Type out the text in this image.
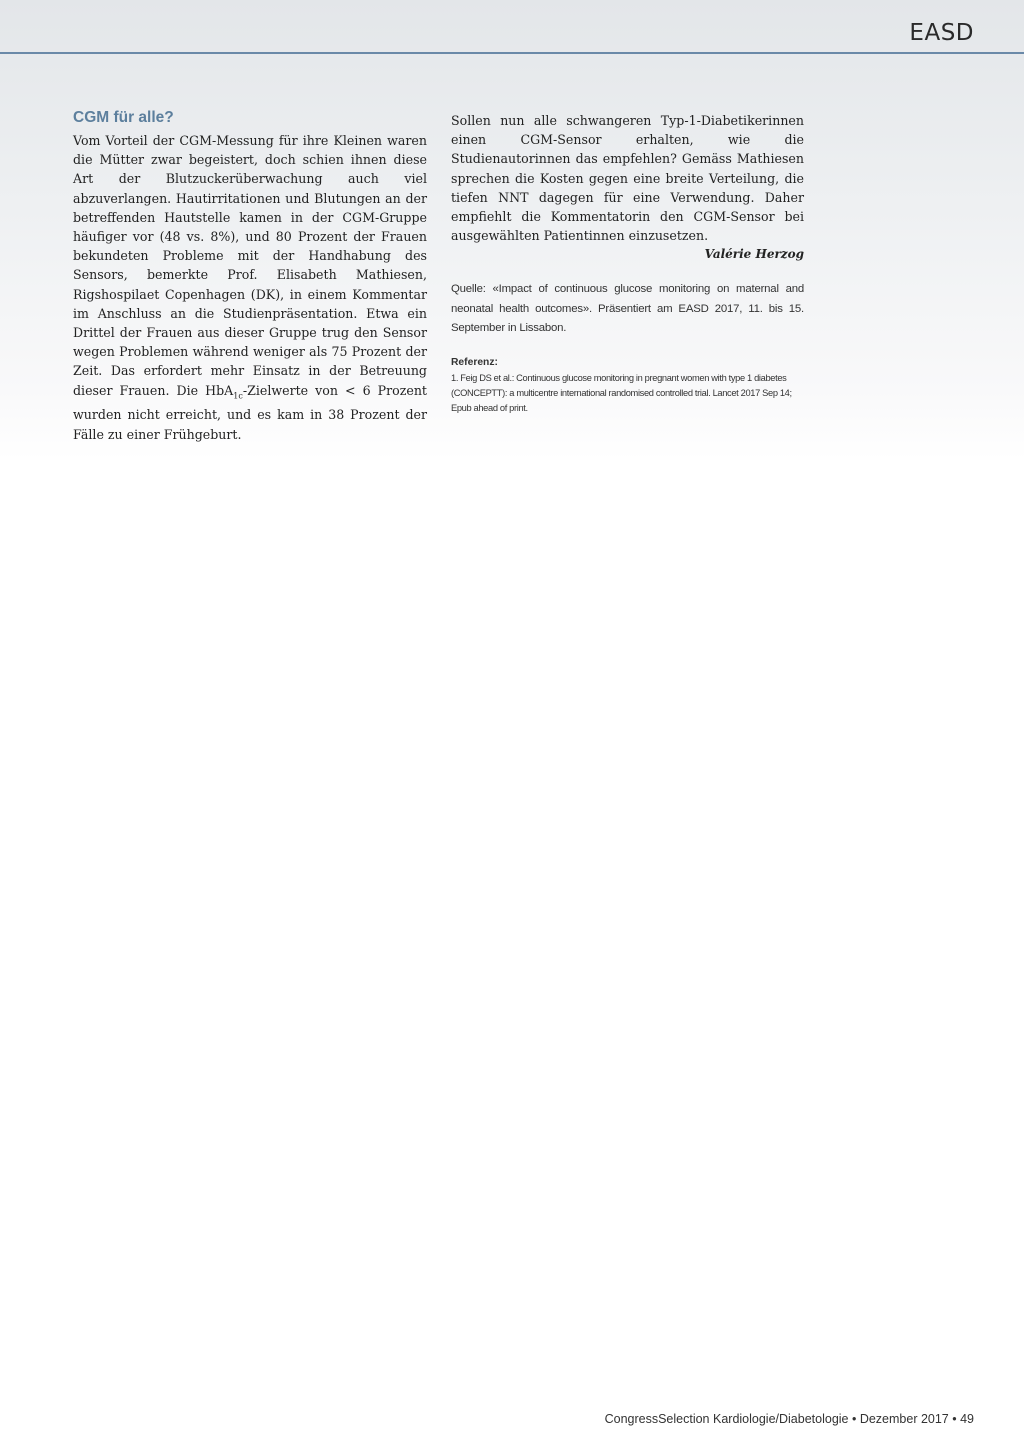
EASD
CGM für alle?

Vom Vorteil der CGM-Messung für ihre Kleinen waren die Mütter zwar begeistert, doch schien ihnen diese Art der Blutzuckerüberwachung auch viel abzuverlangen. Hautirritationen und Blutungen an der betreffenden Hautstelle kamen in der CGM-Gruppe häufiger vor (48 vs. 8%), und 80 Prozent der Frauen bekundeten Probleme mit der Handhabung des Sensors, bemerkte Prof. Elisabeth Mathiesen, Rigshospilaet Copenhagen (DK), in einem Kommentar im Anschluss an die Studienpräsentation. Etwa ein Drittel der Frauen aus dieser Gruppe trug den Sensor wegen Problemen während weniger als 75 Prozent der Zeit. Das erfordert mehr Einsatz in der Betreuung dieser Frauen. Die HbA$_{1c}$-Zielwerte von < 6 Prozent wurden nicht erreicht, und es kam in 38 Prozent der Fälle zu einer Frühgeburt.

Sollen nun alle schwangeren Typ-1-Diabetikerinnen einen CGM-Sensor erhalten, wie die Studienautorinnen das empfehlen? Gemäss Mathiesen sprechen die Kosten gegen eine breite Verteilung, die tiefen NNT dagegen für eine Verwendung. Daher empfiehlt die Kommentatorin den CGM-Sensor bei ausgewählten Patientinnen einzusetzen.

Valérie Herzog

Quelle: «Impact of continuous glucose monitoring on maternal and neonatal health outcomes». Präsentiert am EASD 2017, 11. bis 15. September in Lissabon.
Referenz:
1. Feig DS et al.: Continuous glucose monitoring in pregnant women with type 1 diabetes (CONCEPTT): a multicentre international randomised controlled trial. Lancet 2017 Sep 14; Epub ahead of print.
CongressSelection Kardiologie/Diabetologie • Dezember 2017 • 49
